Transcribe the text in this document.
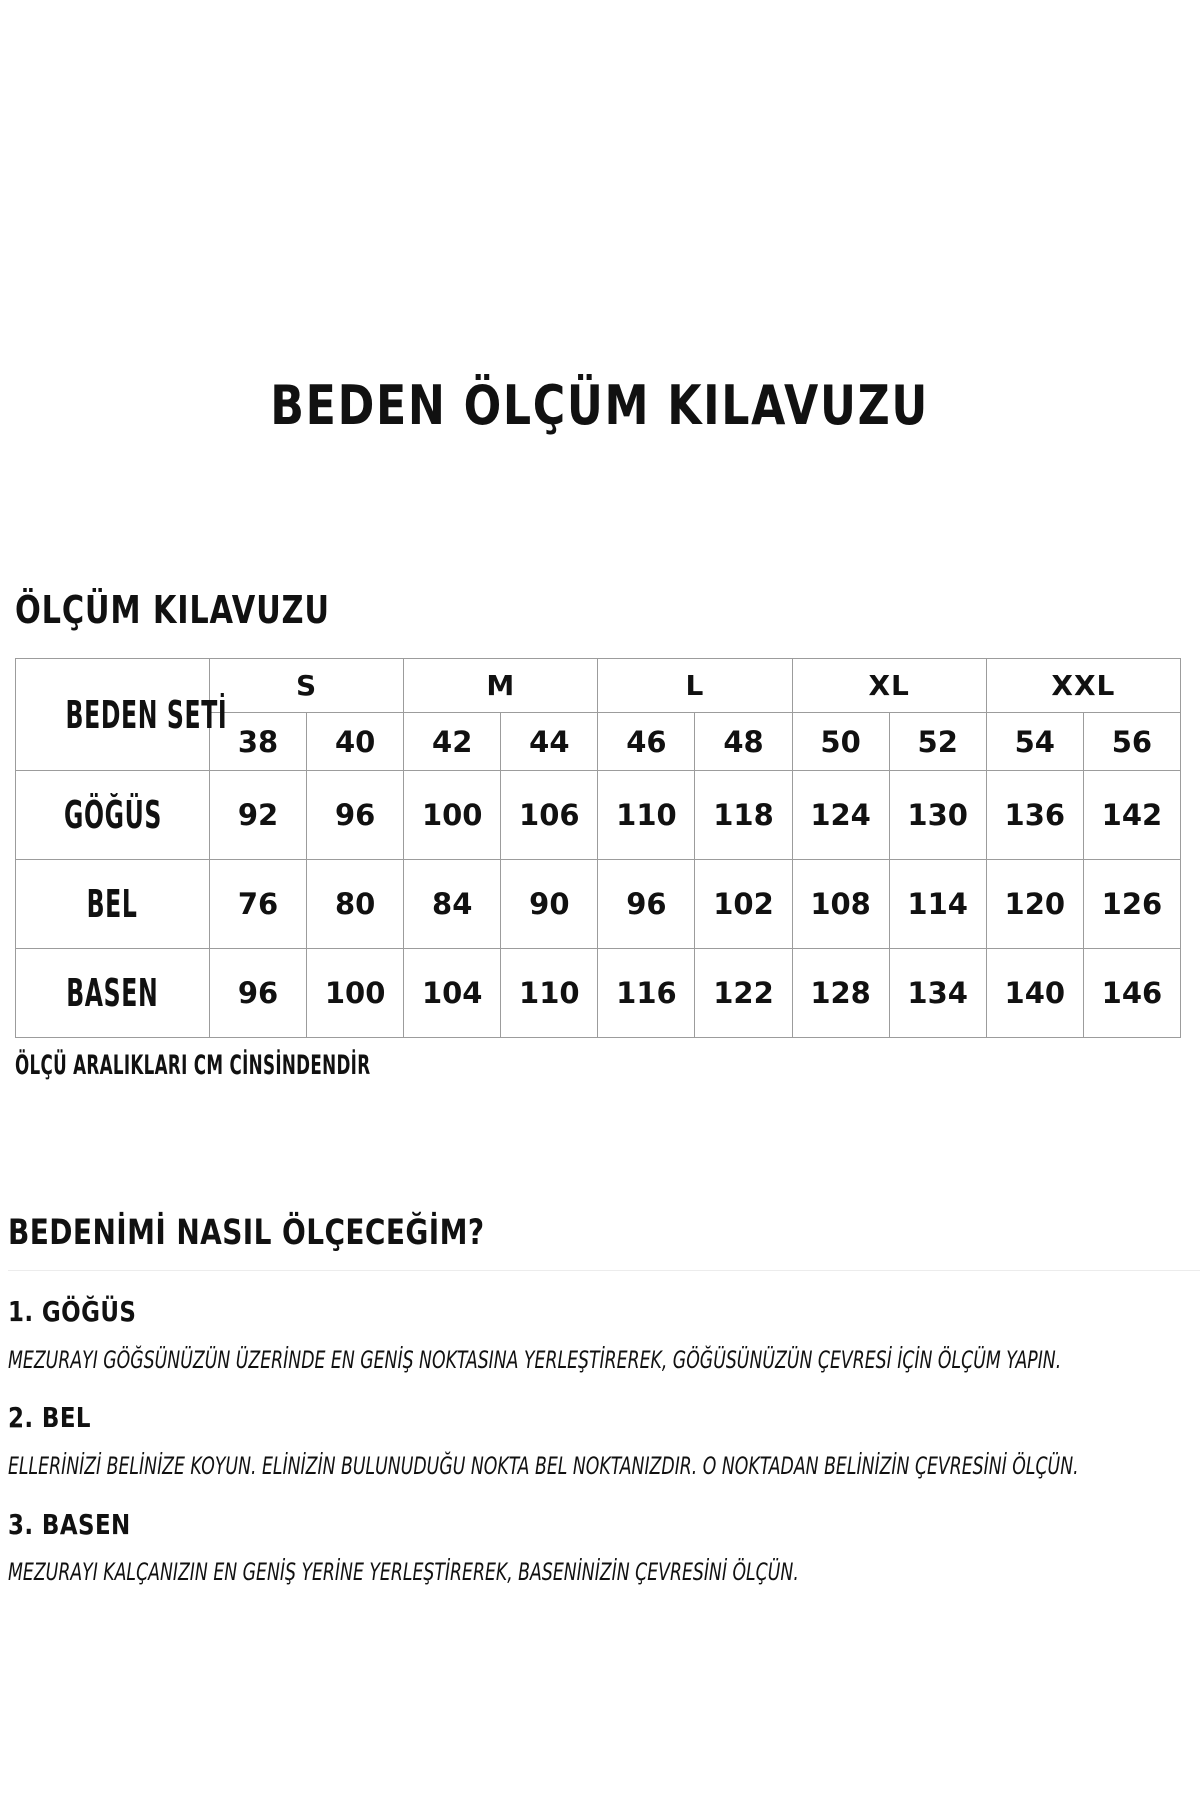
BEDEN ÖLÇÜM KILAVUZU
ÖLÇÜM KILAVUZU
BEDEN SETİ	S		M		L		XL		XXL	
	38	40	42	44	46	48	50	52	54	56
GÖĞÜS	92	96	100	106	110	118	124	130	136	142
BEL	76	80	84	90	96	102	108	114	120	126
BASEN	96	100	104	110	116	122	128	134	140	146
ÖLÇÜ ARALIKLARI CM CİNSİNDENDİR
BEDENİMİ NASIL ÖLÇECEĞİM?
1. GÖĞÜS

MEZURAYI GÖĞSÜNÜZÜN ÜZERİNDE EN GENİŞ NOKTASINA YERLEŞTİREREK, GÖĞÜSÜNÜZÜN ÇEVRESİ İÇİN ÖLÇÜM YAPIN.

2. BEL

ELLERİNİZİ BELİNİZE KOYUN. ELİNİZİN BULUNUDUĞU NOKTA BEL NOKTANIZDIR. O NOKTADAN BELİNİZİN ÇEVRESİNİ ÖLÇÜN.

3. BASEN

MEZURAYI KALÇANIZIN EN GENİŞ YERİNE YERLEŞTİREREK, BASENİNİZİN ÇEVRESİNİ ÖLÇÜN.
